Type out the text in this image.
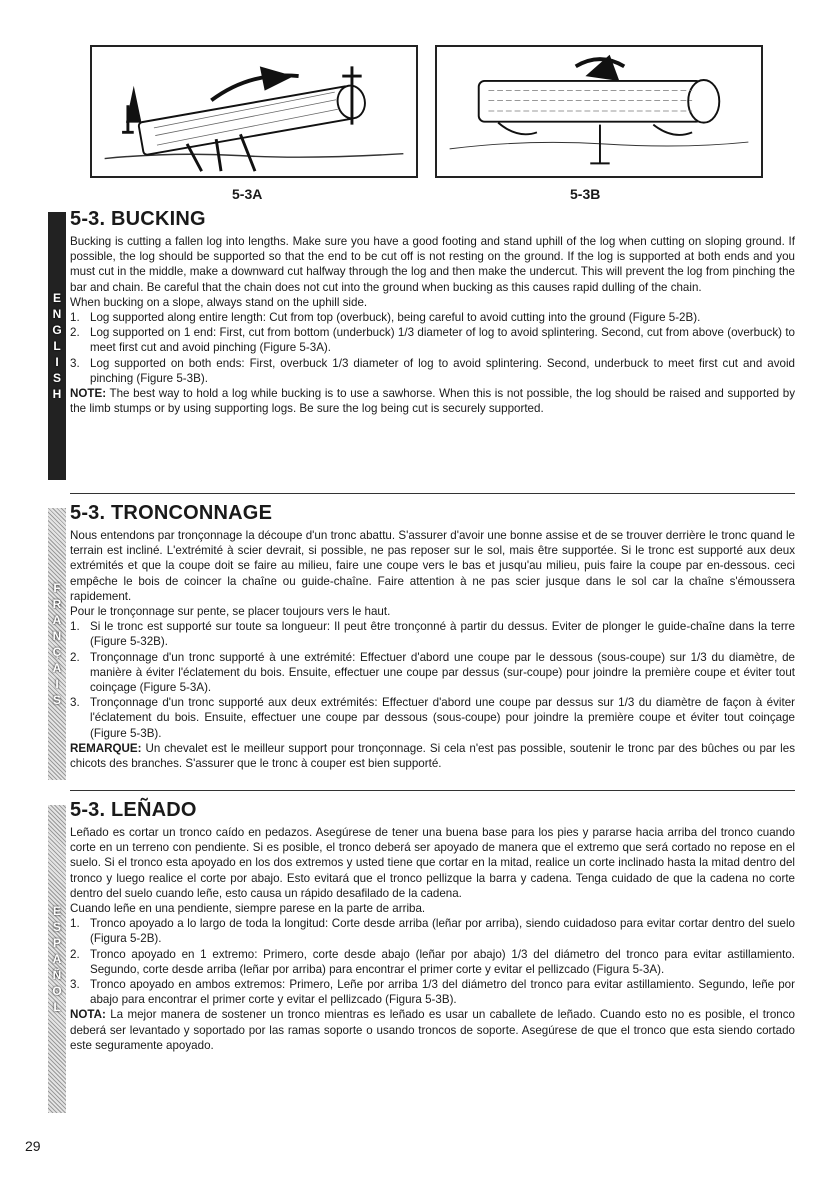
5-3A	5-3B
E
N
G
L
I
S
H
5-3. BUCKING

Bucking is cutting a fallen log into lengths. Make sure you have a good footing and stand uphill of the log when cutting on sloping ground. If possible, the log should be supported so that the end to be cut off is not resting on the ground. If the log is supported at both ends and you must cut in the middle, make a downward cut halfway through the log and then make the undercut. This will prevent the log from pinching the bar and chain. Be careful that the chain does not cut into the ground when bucking as this causes rapid dulling of the chain.

When bucking on a slope, always stand on the uphill side.

1. Log supported along entire length: Cut from top (overbuck), being careful to avoid cutting into the ground (Figure 5-2B).
2. Log supported on 1 end: First, cut from bottom (underbuck) 1/3 diameter of log to avoid splintering. Second, cut from above (overbuck) to meet first cut and avoid pinching (Figure 5-3A).
3. Log supported on both ends: First, overbuck 1/3 diameter of log to avoid splintering. Second, underbuck to meet first cut and avoid pinching (Figure 5-3B).

NOTE: The best way to hold a log while bucking is to use a sawhorse. When this is not possible, the log should be raised and supported by the limb stumps or by using supporting logs. Be sure the log being cut is securely supported.

F
R
A
N
Ç
A
I
S
5-3. TRONCONNAGE

Nous entendons par tronçonnage la découpe d'un tronc abattu. S'assurer d'avoir une bonne assise et de se trouver derrière le tronc quand le terrain est incliné. L'extrémité à scier devrait, si possible, ne pas reposer sur le sol, mais être supportée. Si le tronc est supporté aux deux extrémités et que la coupe doit se faire au milieu, faire une coupe vers le bas et jusqu'au milieu, puis faire la coupe par en-dessous. ceci empêche le bois de coincer la chaîne ou guide-chaîne. Faire attention à ne pas scier jusque dans le sol car la chaîne s'émoussera rapidement.

Pour le tronçonnage sur pente, se placer toujours vers le haut.

1. Si le tronc est supporté sur toute sa longueur: Il peut être tronçonné à partir du dessus. Eviter de plonger le guide-chaîne dans la terre (Figure 5-32B).
2. Tronçonnage d'un tronc supporté à une extrémité: Effectuer d'abord une coupe par le dessous (sous-coupe) sur 1/3 du diamètre, de manière à éviter l'éclatement du bois. Ensuite, effectuer une coupe par dessus (sur-coupe) pour joindre la première coupe et éviter tout coinçage (Figure 5-3A).
3. Tronçonnage d'un tronc supporté aux deux extrémités: Effectuer d'abord une coupe par dessus sur 1/3 du diamètre de façon à éviter l'éclatement du bois. Ensuite, effectuer une coupe par dessous (sous-coupe) pour joindre la première coupe et éviter tout coinçage (Figure 5-3B).

REMARQUE: Un chevalet est le meilleur support pour tronçonnage. Si cela n'est pas possible, soutenir le tronc par des bûches ou par les chicots des branches. S'assurer que le tronc à couper est bien supporté.

E
S
P
A
Ñ
O
L
5-3. LEÑADO

Leñado es cortar un tronco caído en pedazos. Asegúrese de tener una buena base para los pies y pararse hacia arriba del tronco cuando corte en un terreno con pendiente. Si es posible, el tronco deberá ser apoyado de manera que el extremo que será cortado no repose en el suelo. Si el tronco esta apoyado en los dos extremos y usted tiene que cortar en la mitad, realice un corte inclinado hasta la mitad dentro del tronco y luego realice el corte por abajo. Esto evitará que el tronco pellizque la barra y cadena. Tenga cuidado de que la cadena no corte dentro del suelo cuando leñe, esto causa un rápido desafilado de la cadena.

Cuando leñe en una pendiente, siempre parese en la parte de arriba.

1. Tronco apoyado a lo largo de toda la longitud: Corte desde arriba (leñar por arriba), siendo cuidadoso para evitar cortar dentro del suelo (Figura 5-2B).
2. Tronco apoyado en 1 extremo: Primero, corte desde abajo (leñar por abajo) 1/3 del diámetro del tronco para evitar astillamiento. Segundo, corte desde arriba (leñar por arriba) para encontrar el primer corte y evitar el pellizcado (Figura 5-3A).
3. Tronco apoyado en ambos extremos: Primero, Leñe por arriba 1/3 del diámetro del tronco para evitar astillamiento. Segundo, leñe por abajo para encontrar el primer corte y evitar el pellizcado (Figura 5-3B).

NOTA: La mejor manera de sostener un tronco mientras es leñado es usar un caballete de leñado. Cuando esto no es posible, el tronco deberá ser levantado y soportado por las ramas soporte o usando troncos de soporte. Asegúrese de que el tronco que esta siendo cortado este seguramente apoyado.

29
